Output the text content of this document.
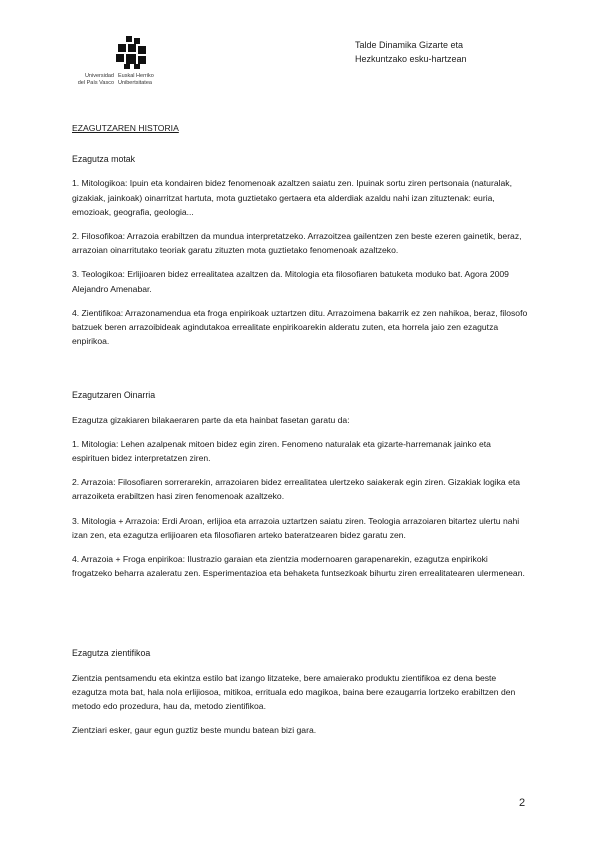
Universidad
del País Vasco
Euskal Herriko
Unibertsitatea
Talde Dinamika Gizarte eta
Hezkuntzako esku-hartzean

EZAGUTZAREN HISTORIA

Ezagutza motak

1. Mitologikoa: Ipuin eta kondairen bidez fenomenoak azaltzen saiatu zen. Ipuinak sortu ziren pertsonaia (naturalak, gizakiak, jainkoak) oinarritzat hartuta, mota guztietako gertaera eta alderdiak azaldu nahi izan zituztenak: euria, emozioak, geografia, geologia...

2. Filosofikoa: Arrazoia erabiltzen da mundua interpretatzeko. Arrazoitzea gailentzen zen beste ezeren gainetik, beraz, arrazoian oinarritutako teoriak garatu zituzten mota guztietako fenomenoak azaltzeko.

3. Teologikoa: Erlijioaren bidez errealitatea azaltzen da. Mitologia eta filosofiaren batuketa moduko bat. Agora 2009 Alejandro Amenabar.

4. Zientifikoa: Arrazonamendua eta froga enpirikoak uztartzen ditu. Arrazoimena bakarrik ez zen nahikoa, beraz, filosofo batzuek beren arrazoibideak agindutakoa errealitate enpirikoarekin alderatu zuten, eta horrela jaio zen ezagutza enpirikoa.

Ezagutzaren Oinarria

Ezagutza gizakiaren bilakaeraren parte da eta hainbat fasetan garatu da:

1. Mitologia: Lehen azalpenak mitoen bidez egin ziren. Fenomeno naturalak eta gizarte-harremanak jainko eta espirituen bidez interpretatzen ziren.

2. Arrazoia: Filosofiaren sorrerarekin, arrazoiaren bidez errealitatea ulertzeko saiakerak egin ziren. Gizakiak logika eta arrazoiketa erabiltzen hasi ziren fenomenoak azaltzeko.

3. Mitologia + Arrazoia: Erdi Aroan, erlijioa eta arrazoia uztartzen saiatu ziren. Teologia arrazoiaren bitartez ulertu nahi izan zen, eta ezagutza erlijioaren eta filosofiaren arteko bateratzearen bidez garatu zen.

4. Arrazoia + Froga enpirikoa: Ilustrazio garaian eta zientzia modernoaren garapenarekin, ezagutza enpirikoki frogatzeko beharra azaleratu zen. Esperimentazioa eta behaketa funtsezkoak bihurtu ziren errealitatearen ulermenean.

Ezagutza zientifikoa

Zientzia pentsamendu eta ekintza estilo bat izango litzateke, bere amaierako produktu zientifikoa ez dena beste ezagutza mota bat, hala nola erlijiosoa, mitikoa, erritualа edo magikoa, baina bere ezaugarria lortzeko erabiltzen den metodo edo prozedura, hau da, metodo zientifikoa.

Zientziari esker, gaur egun guztiz beste mundu batean bizi gara.

2
